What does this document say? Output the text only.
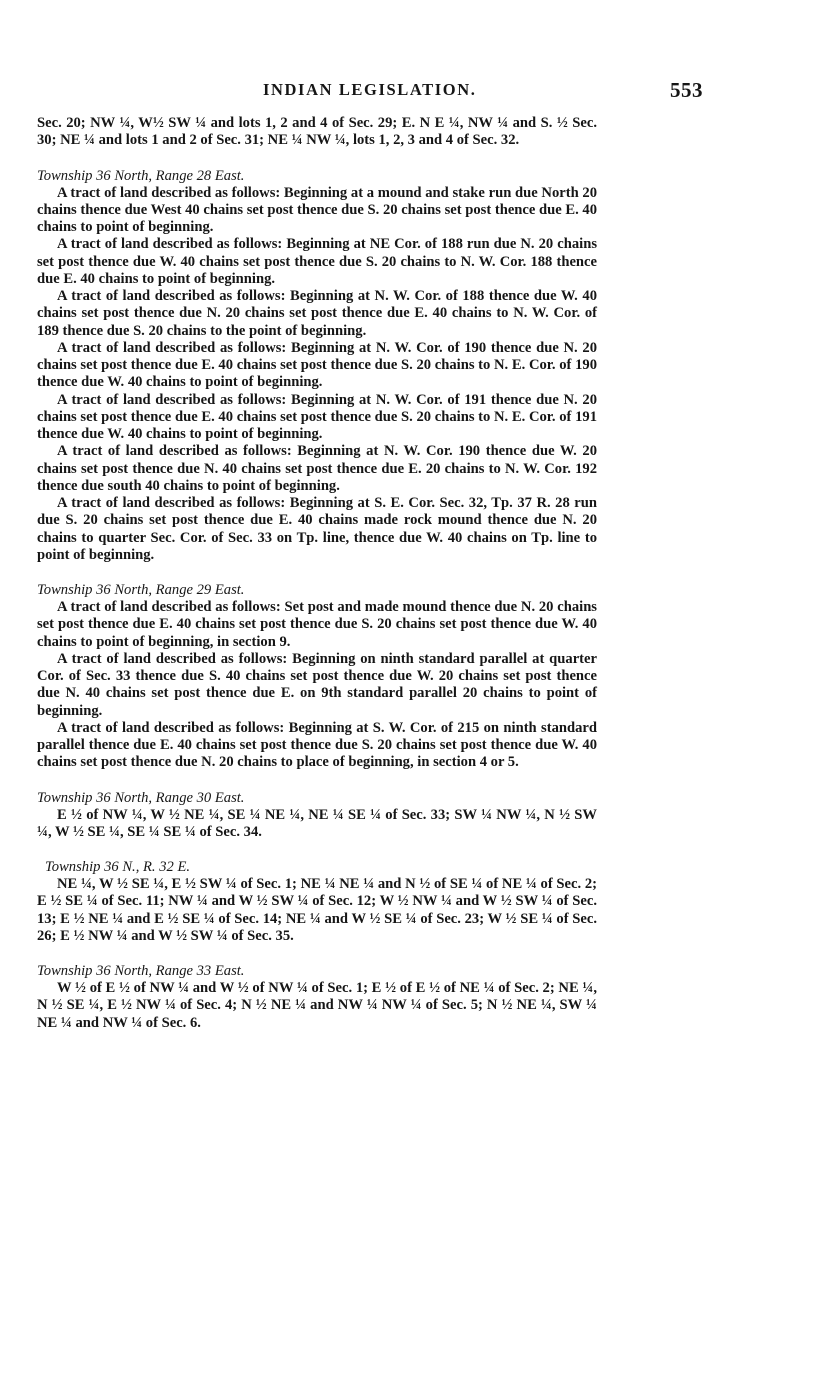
INDIAN LEGISLATION.	553

Sec. 20; NW ¼, W½ SW ¼ and lots 1, 2 and 4 of Sec. 29; E. N E ¼, NW ¼ and S. ½ Sec. 30; NE ¼ and lots 1 and 2 of Sec. 31; NE ¼ NW ¼, lots 1, 2, 3 and 4 of Sec. 32.

Township 36 North, Range 28 East.

A tract of land described as follows: Beginning at a mound and stake run due North 20 chains thence due West 40 chains set post thence due S. 20 chains set post thence due E. 40 chains to point of beginning.

A tract of land described as follows: Beginning at NE Cor. of 188 run due N. 20 chains set post thence due W. 40 chains set post thence due S. 20 chains to N. W. Cor. 188 thence due E. 40 chains to point of beginning.

A tract of land described as follows: Beginning at N. W. Cor. of 188 thence due W. 40 chains set post thence due N. 20 chains set post thence due E. 40 chains to N. W. Cor. of 189 thence due S. 20 chains to the point of beginning.

A tract of land described as follows: Beginning at N. W. Cor. of 190 thence due N. 20 chains set post thence due E. 40 chains set post thence due S. 20 chains to N. E. Cor. of 190 thence due W. 40 chains to point of beginning.

A tract of land described as follows: Beginning at N. W. Cor. of 191 thence due N. 20 chains set post thence due E. 40 chains set post thence due S. 20 chains to N. E. Cor. of 191 thence due W. 40 chains to point of beginning.

A tract of land described as follows: Beginning at N. W. Cor. 190 thence due W. 20 chains set post thence due N. 40 chains set post thence due E. 20 chains to N. W. Cor. 192 thence due south 40 chains to point of beginning.

A tract of land described as follows: Beginning at S. E. Cor. Sec. 32, Tp. 37 R. 28 run due S. 20 chains set post thence due E. 40 chains made rock mound thence due N. 20 chains to quarter Sec. Cor. of Sec. 33 on Tp. line, thence due W. 40 chains on Tp. line to point of beginning.

Township 36 North, Range 29 East.

A tract of land described as follows: Set post and made mound thence due N. 20 chains set post thence due E. 40 chains set post thence due S. 20 chains set post thence due W. 40 chains to point of beginning, in section 9.

A tract of land described as follows: Beginning on ninth standard parallel at quarter Cor. of Sec. 33 thence due S. 40 chains set post thence due W. 20 chains set post thence due N. 40 chains set post thence due E. on 9th standard parallel 20 chains to point of beginning.

A tract of land described as follows: Beginning at S. W. Cor. of 215 on ninth standard parallel thence due E. 40 chains set post thence due S. 20 chains set post thence due W. 40 chains set post thence due N. 20 chains to place of beginning, in section 4 or 5.

Township 36 North, Range 30 East.

E ½ of NW ¼, W ½ NE ¼, SE ¼ NE ¼, NE ¼ SE ¼ of Sec. 33; SW ¼ NW ¼, N ½ SW ¼, W ½ SE ¼, SE ¼ SE ¼ of Sec. 34.

Township 36 N., R. 32 E.

NE ¼, W ½ SE ¼, E ½ SW ¼ of Sec. 1; NE ¼ NE ¼ and N ½ of SE ¼ of NE ¼ of Sec. 2; E ½ SE ¼ of Sec. 11; NW ¼ and W ½ SW ¼ of Sec. 12; W ½ NW ¼ and W ½ SW ¼ of Sec. 13; E ½ NE ¼ and E ½ SE ¼ of Sec. 14; NE ¼ and W ½ SE ¼ of Sec. 23; W ½ SE ¼ of Sec. 26; E ½ NW ¼ and W ½ SW ¼ of Sec. 35.

Township 36 North, Range 33 East.

W ½ of E ½ of NW ¼ and W ½ of NW ¼ of Sec. 1; E ½ of E ½ of NE ¼ of Sec. 2; NE ¼, N ½ SE ¼, E ½ NW ¼ of Sec. 4; N ½ NE ¼ and NW ¼ NW ¼ of Sec. 5; N ½ NE ¼, SW ¼ NE ¼ and NW ¼ of Sec. 6.
